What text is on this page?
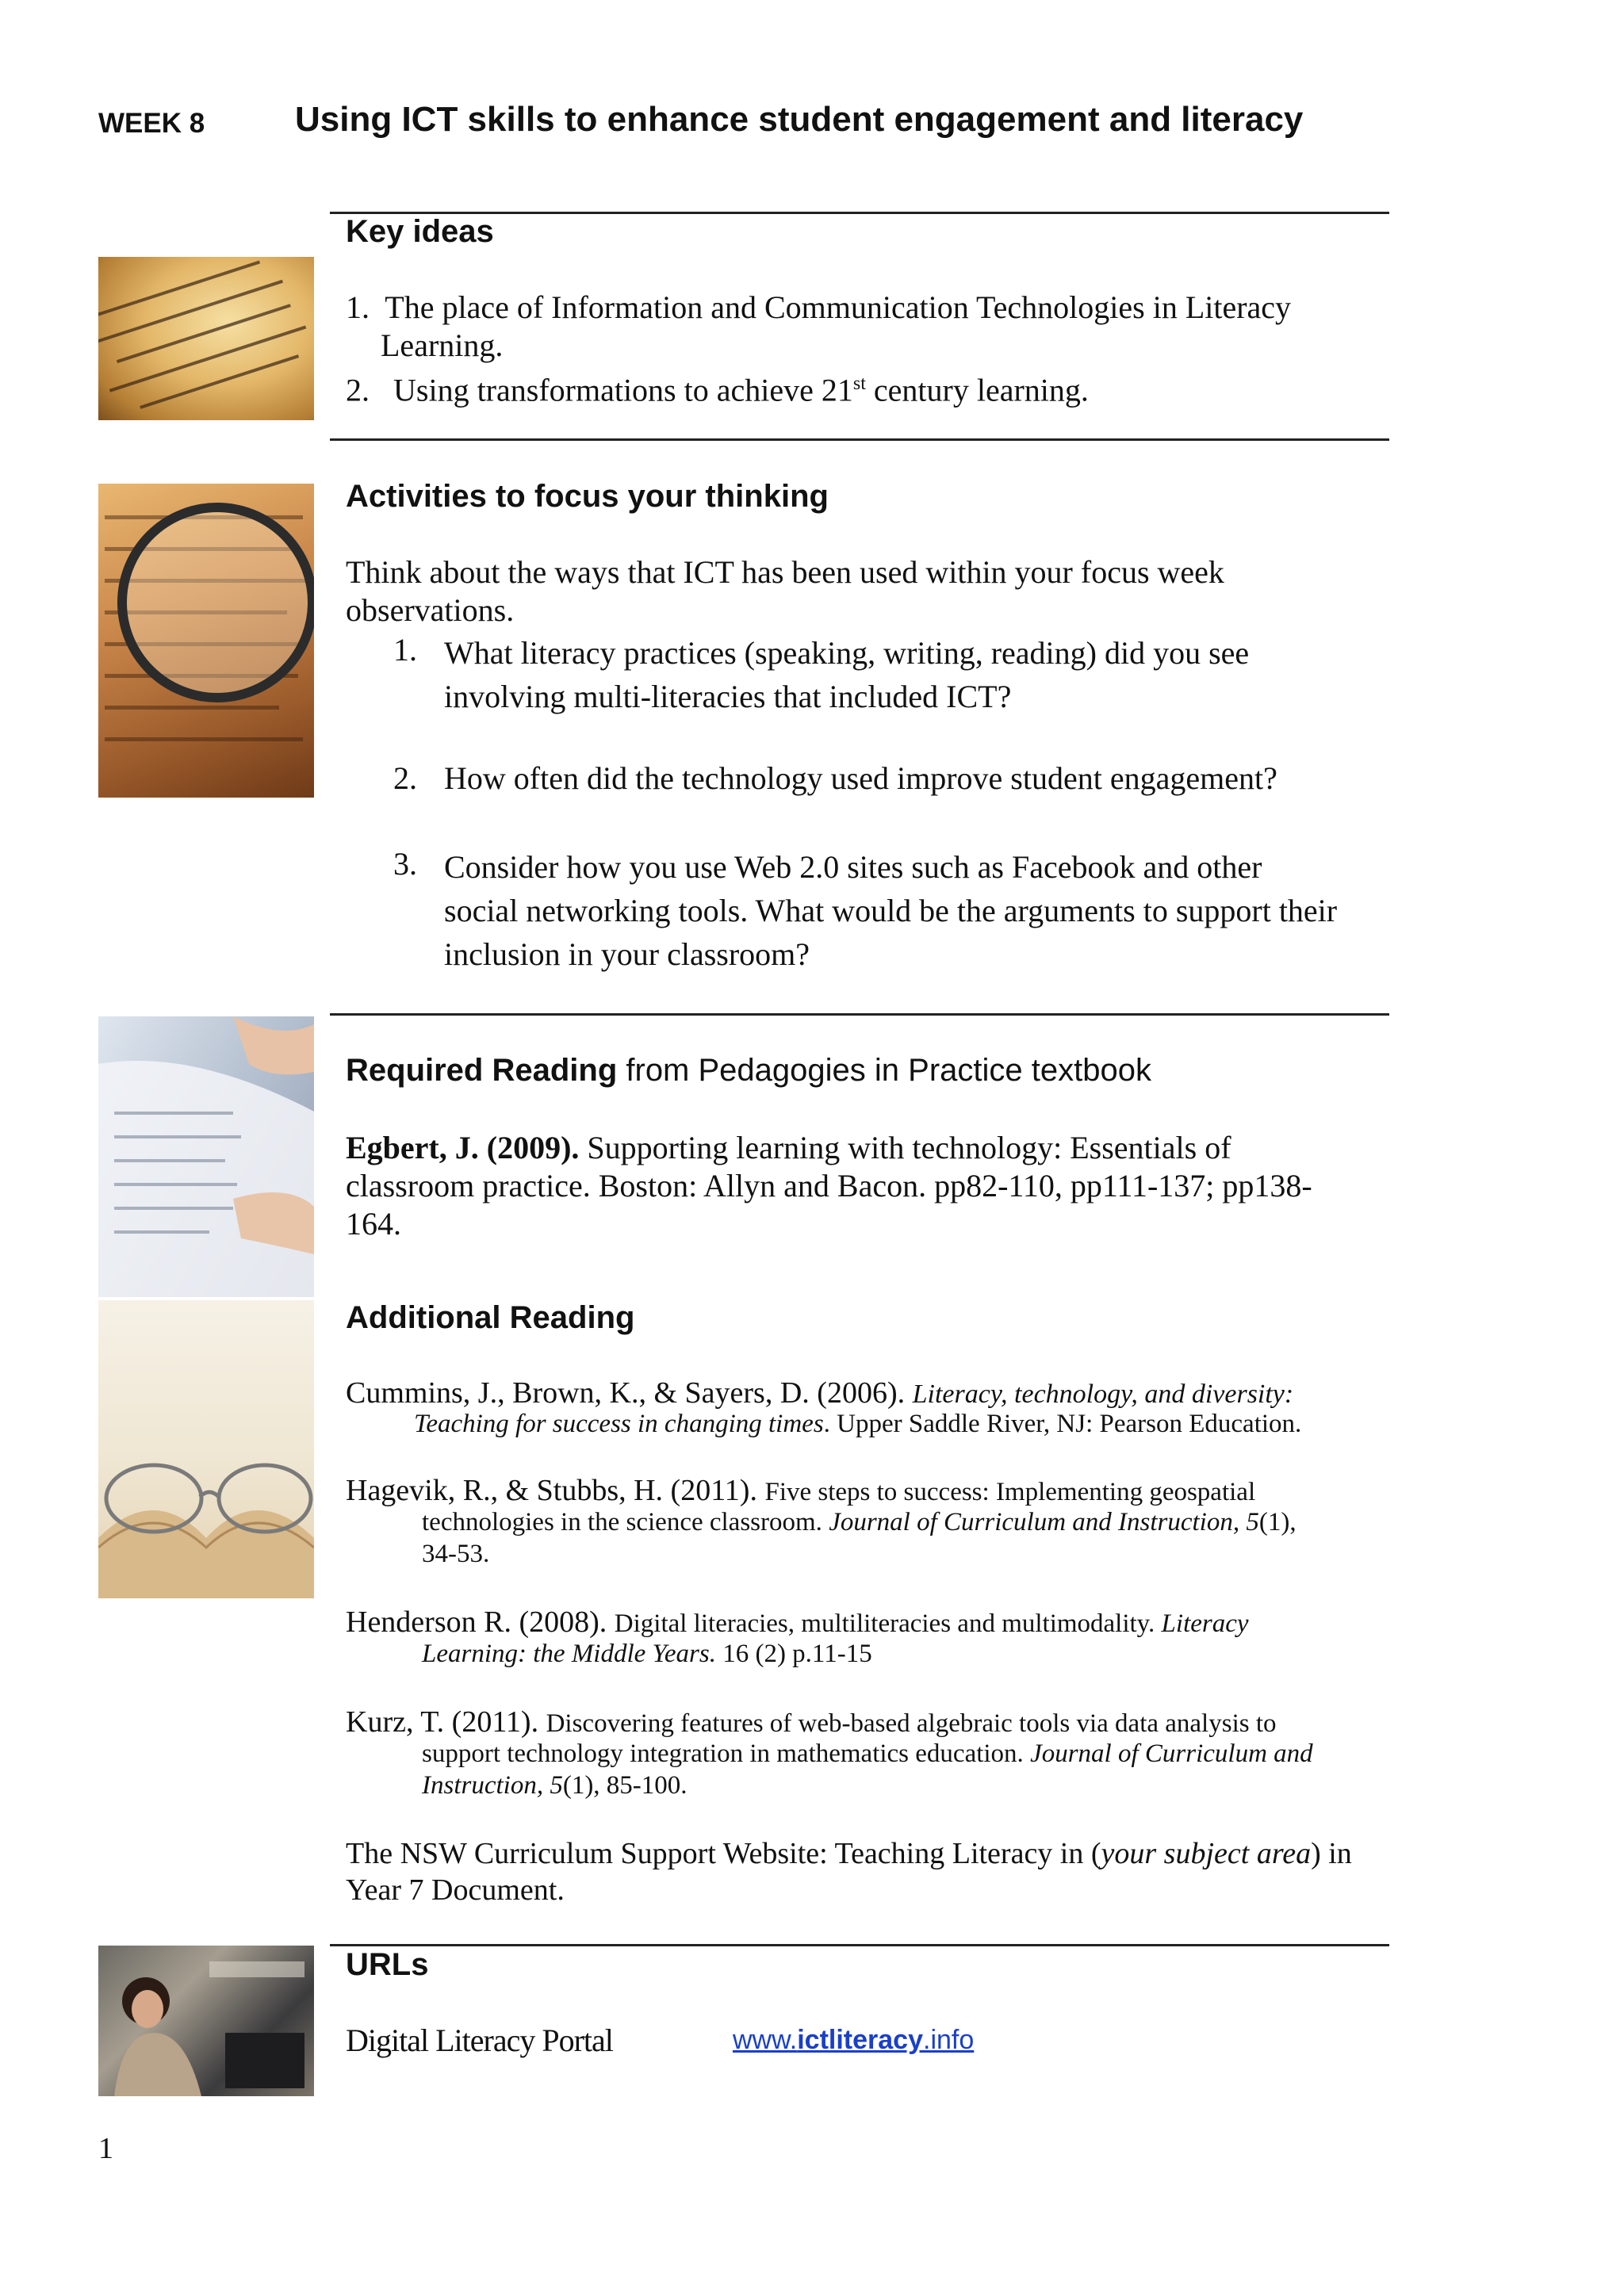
WEEK 8	Using ICT skills to enhance student engagement and literacy
Key ideas
1. The place of Information and Communication Technologies in Literacy
Learning.
2. Using transformations to achieve 21st century learning.
Activities to focus your thinking
Think about the ways that ICT has been used within your focus week
observations.
1. What literacy practices (speaking, writing, reading) did you see
involving multi-literacies that included ICT?
2. How often did the technology used improve student engagement?
3. Consider how you use Web 2.0 sites such as Facebook and other
social networking tools. What would be the arguments to support their
inclusion in your classroom?
Required Reading from Pedagogies in Practice textbook
Egbert, J. (2009). Supporting learning with technology: Essentials of
classroom practice. Boston: Allyn and Bacon. pp82-110, pp111-137; pp138-
164.
Additional Reading
Cummins, J., Brown, K., & Sayers, D. (2006). Literacy, technology, and diversity:
Teaching for success in changing times. Upper Saddle River, NJ: Pearson Education.
Hagevik, R., & Stubbs, H. (2011). Five steps to success: Implementing geospatial
technologies in the science classroom. Journal of Curriculum and Instruction, 5(1),
34-53.
Henderson R. (2008). Digital literacies, multiliteracies and multimodality. Literacy
Learning: the Middle Years. 16 (2) p.11-15
Kurz, T. (2011). Discovering features of web-based algebraic tools via data analysis to
support technology integration in mathematics education. Journal of Curriculum and
Instruction, 5(1), 85-100.
The NSW Curriculum Support Website: Teaching Literacy in (your subject area) in
Year 7 Document.
URLs
Digital Literacy Portal	www.ictliteracy.info
1
